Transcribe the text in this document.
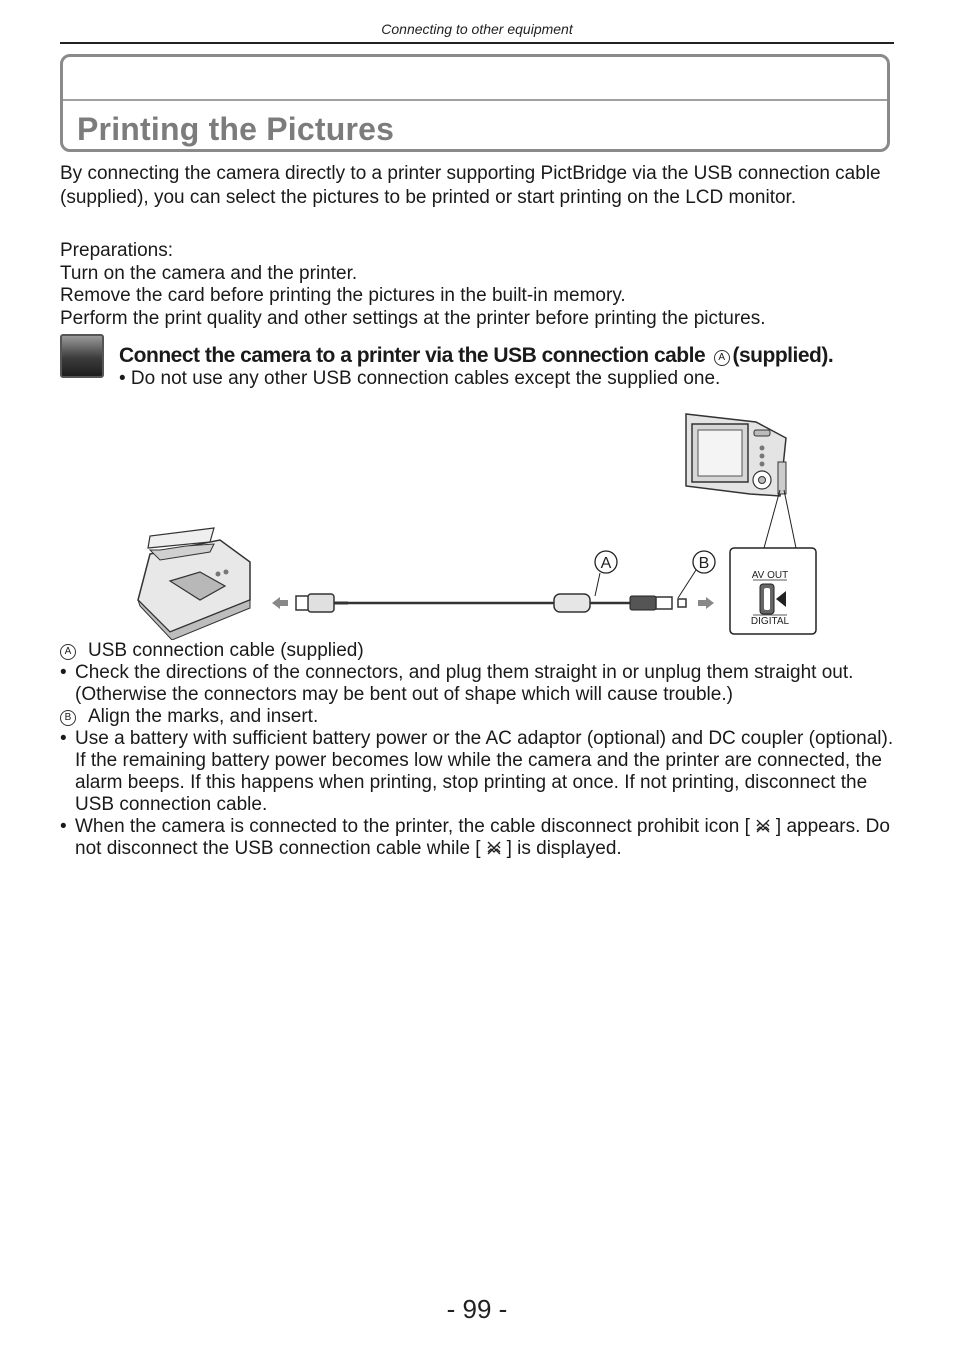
Connecting to other equipment
Printing the Pictures

By connecting the camera directly to a printer supporting PictBridge via the USB connection cable (supplied), you can select the pictures to be printed or start printing on the LCD monitor.

Preparations:
Turn on the camera and the printer.
Remove the card before printing the pictures in the built-in memory.
Perform the print quality and other settings at the printer before printing the pictures.
Connect the camera to a printer via the USB connection cable A (supplied).
• Do not use any other USB connection cables except the supplied one.
A	B
AV OUT
DIGITAL
A USB connection cable (supplied)
• Check the directions of the connectors, and plug them straight in or unplug them straight out. (Otherwise the connectors may be bent out of shape which will cause trouble.)
B Align the marks, and insert.
• Use a battery with sufficient battery power or the AC adaptor (optional) and DC coupler (optional). If the remaining battery power becomes low while the camera and the printer are connected, the alarm beeps. If this happens when printing, stop printing at once. If not printing, disconnect the USB connection cable.
• When the camera is connected to the printer, the cable disconnect prohibit icon [ ] appears. Do not disconnect the USB connection cable while [ ] is displayed.
- 99 -
